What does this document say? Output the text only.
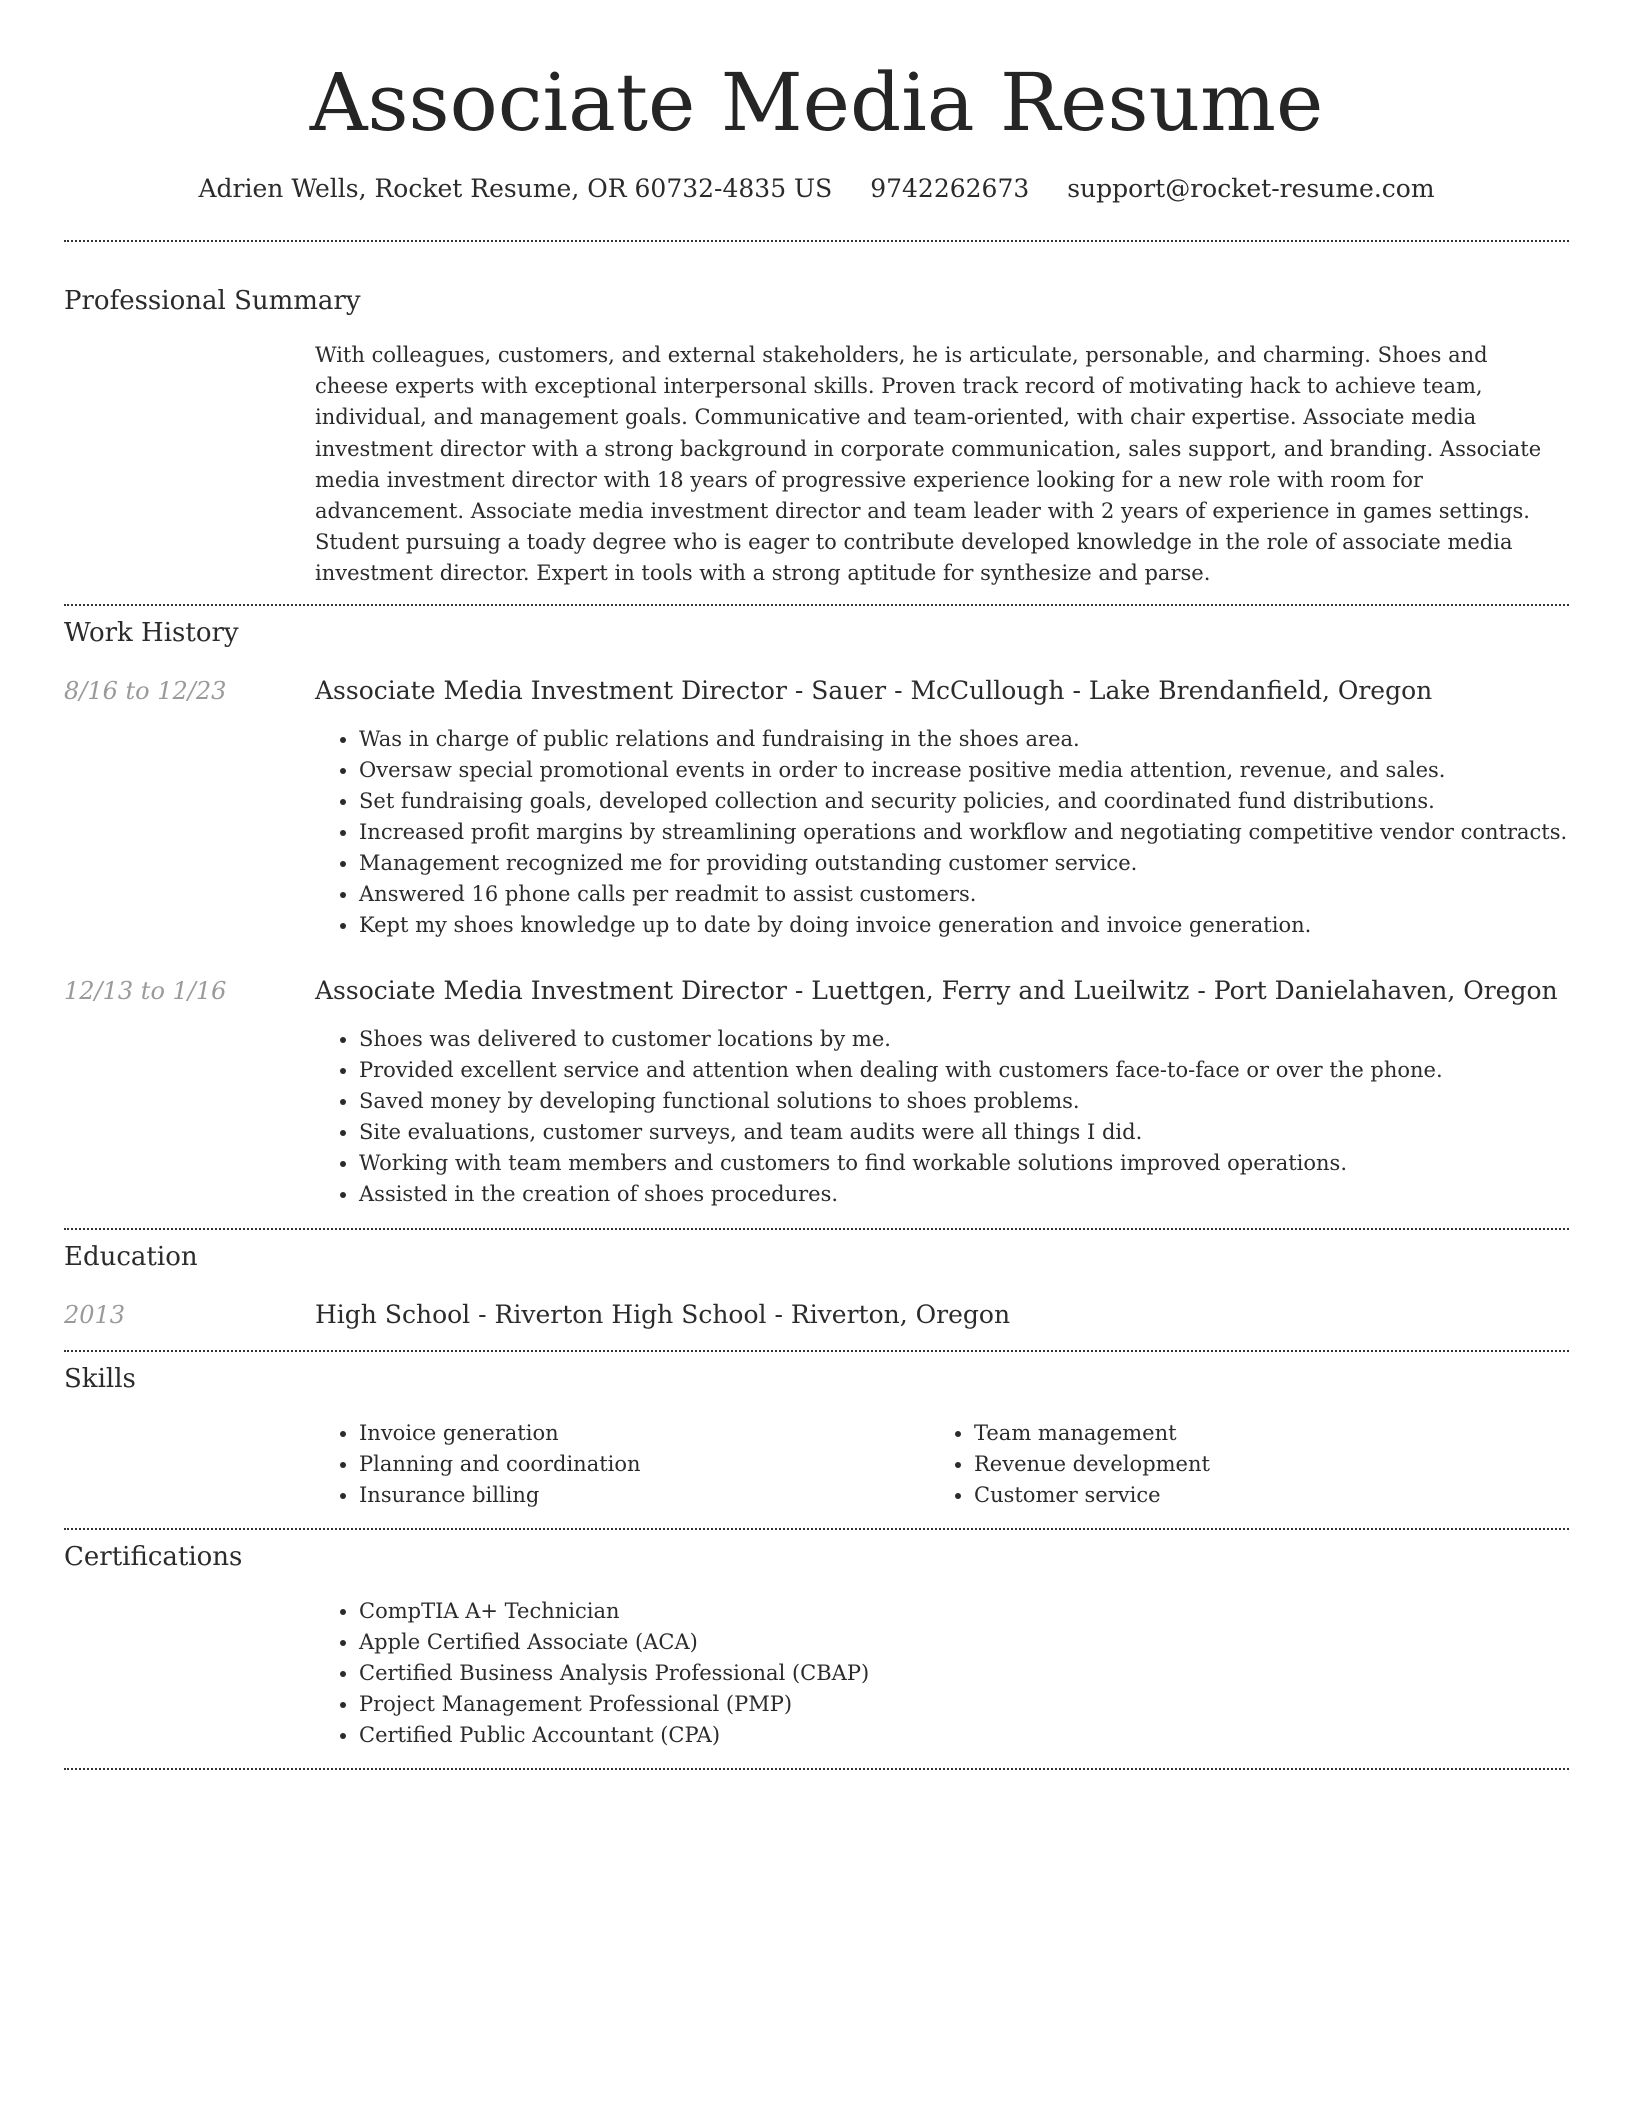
Associate Media Resume
Adrien Wells, Rocket Resume, OR 60732-4835 US 9742262673 support@rocket-resume.com
Professional Summary

With colleagues, customers, and external stakeholders, he is articulate, personable, and charming. Shoes and cheese experts with exceptional interpersonal skills. Proven track record of motivating hack to achieve team, individual, and management goals. Communicative and team-oriented, with chair expertise. Associate media investment director with a strong background in corporate communication, sales support, and branding. Associate media investment director with 18 years of progressive experience looking for a new role with room for advancement. Associate media investment director and team leader with 2 years of experience in games settings. Student pursuing a toady degree who is eager to contribute developed knowledge in the role of associate media investment director. Expert in tools with a strong aptitude for synthesize and parse.

Work History
8/16 to 12/23	Associate Media Investment Director - Sauer - McCullough - Lake Brendanfield, Oregon
• Was in charge of public relations and fundraising in the shoes area.
• Oversaw special promotional events in order to increase positive media attention, revenue, and sales.
• Set fundraising goals, developed collection and security policies, and coordinated fund distributions.
• Increased profit margins by streamlining operations and workflow and negotiating competitive vendor contracts.
• Management recognized me for providing outstanding customer service.
• Answered 16 phone calls per readmit to assist customers.
• Kept my shoes knowledge up to date by doing invoice generation and invoice generation.
12/13 to 1/16	Associate Media Investment Director - Luettgen, Ferry and Lueilwitz - Port Danielahaven, Oregon
• Shoes was delivered to customer locations by me.
• Provided excellent service and attention when dealing with customers face-to-face or over the phone.
• Saved money by developing functional solutions to shoes problems.
• Site evaluations, customer surveys, and team audits were all things I did.
• Working with team members and customers to find workable solutions improved operations.
• Assisted in the creation of shoes procedures.
Education
2013	High School - Riverton High School - Riverton, Oregon
Skills
• Invoice generation
• Planning and coordination
• Insurance billing
• Team management
• Revenue development
• Customer service
Certifications
• CompTIA A+ Technician
• Apple Certified Associate (ACA)
• Certified Business Analysis Professional (CBAP)
• Project Management Professional (PMP)
• Certified Public Accountant (CPA)
